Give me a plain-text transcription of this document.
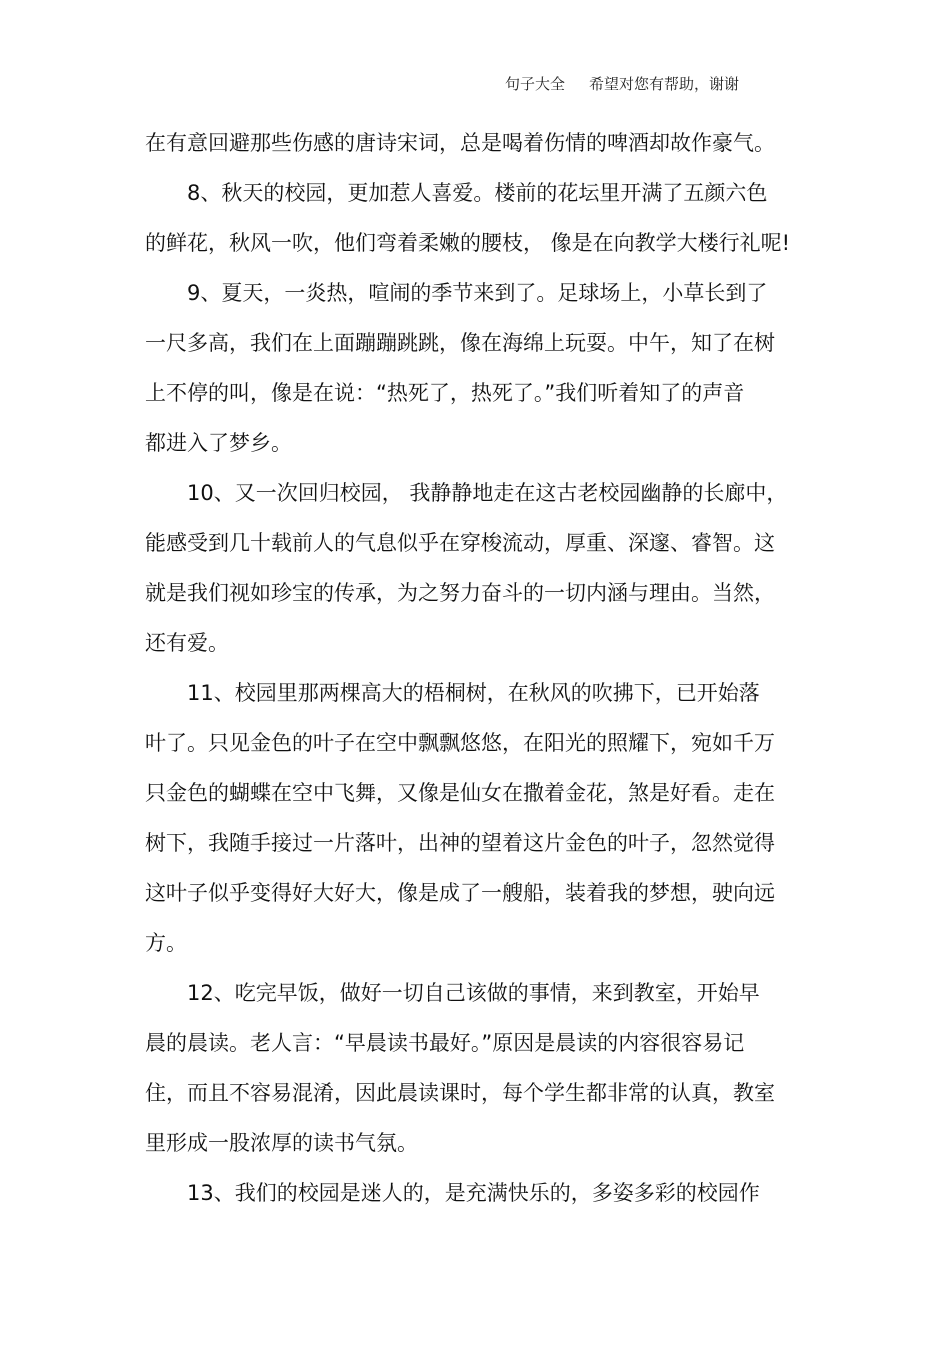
句子大全 希望对您有帮助，谢谢
在有意回避那些伤感的唐诗宋词，总是喝着伤情的啤酒却故作豪气。
8、秋天的校园，更加惹人喜爱。楼前的花坛里开满了五颜六色
的鲜花，秋风一吹，他们弯着柔嫩的腰枝， 像是在向教学大楼行礼呢!
9、夏天，一炎热，喧闹的季节来到了。足球场上，小草长到了
一尺多高，我们在上面蹦蹦跳跳，像在海绵上玩耍。中午，知了在树
上不停的叫，像是在说：“热死了，热死了。”我们听着知了的声音
都进入了梦乡。
10、又一次回归校园， 我静静地走在这古老校园幽静的长廊中，
能感受到几十载前人的气息似乎在穿梭流动，厚重、深邃、睿智。这
就是我们视如珍宝的传承，为之努力奋斗的一切内涵与理由。当然，
还有爱。
11、校园里那两棵高大的梧桐树，在秋风的吹拂下，已开始落
叶了。只见金色的叶子在空中飘飘悠悠，在阳光的照耀下，宛如千万
只金色的蝴蝶在空中飞舞，又像是仙女在撒着金花，煞是好看。走在
树下，我随手接过一片落叶，出神的望着这片金色的叶子，忽然觉得
这叶子似乎变得好大好大，像是成了一艘船，装着我的梦想，驶向远
方。
12、吃完早饭，做好一切自己该做的事情，来到教室，开始早
晨的晨读。老人言：“早晨读书最好。”原因是晨读的内容很容易记
住，而且不容易混淆，因此晨读课时，每个学生都非常的认真，教室
里形成一股浓厚的读书气氛。
13、我们的校园是迷人的，是充满快乐的，多姿多彩的校园作
